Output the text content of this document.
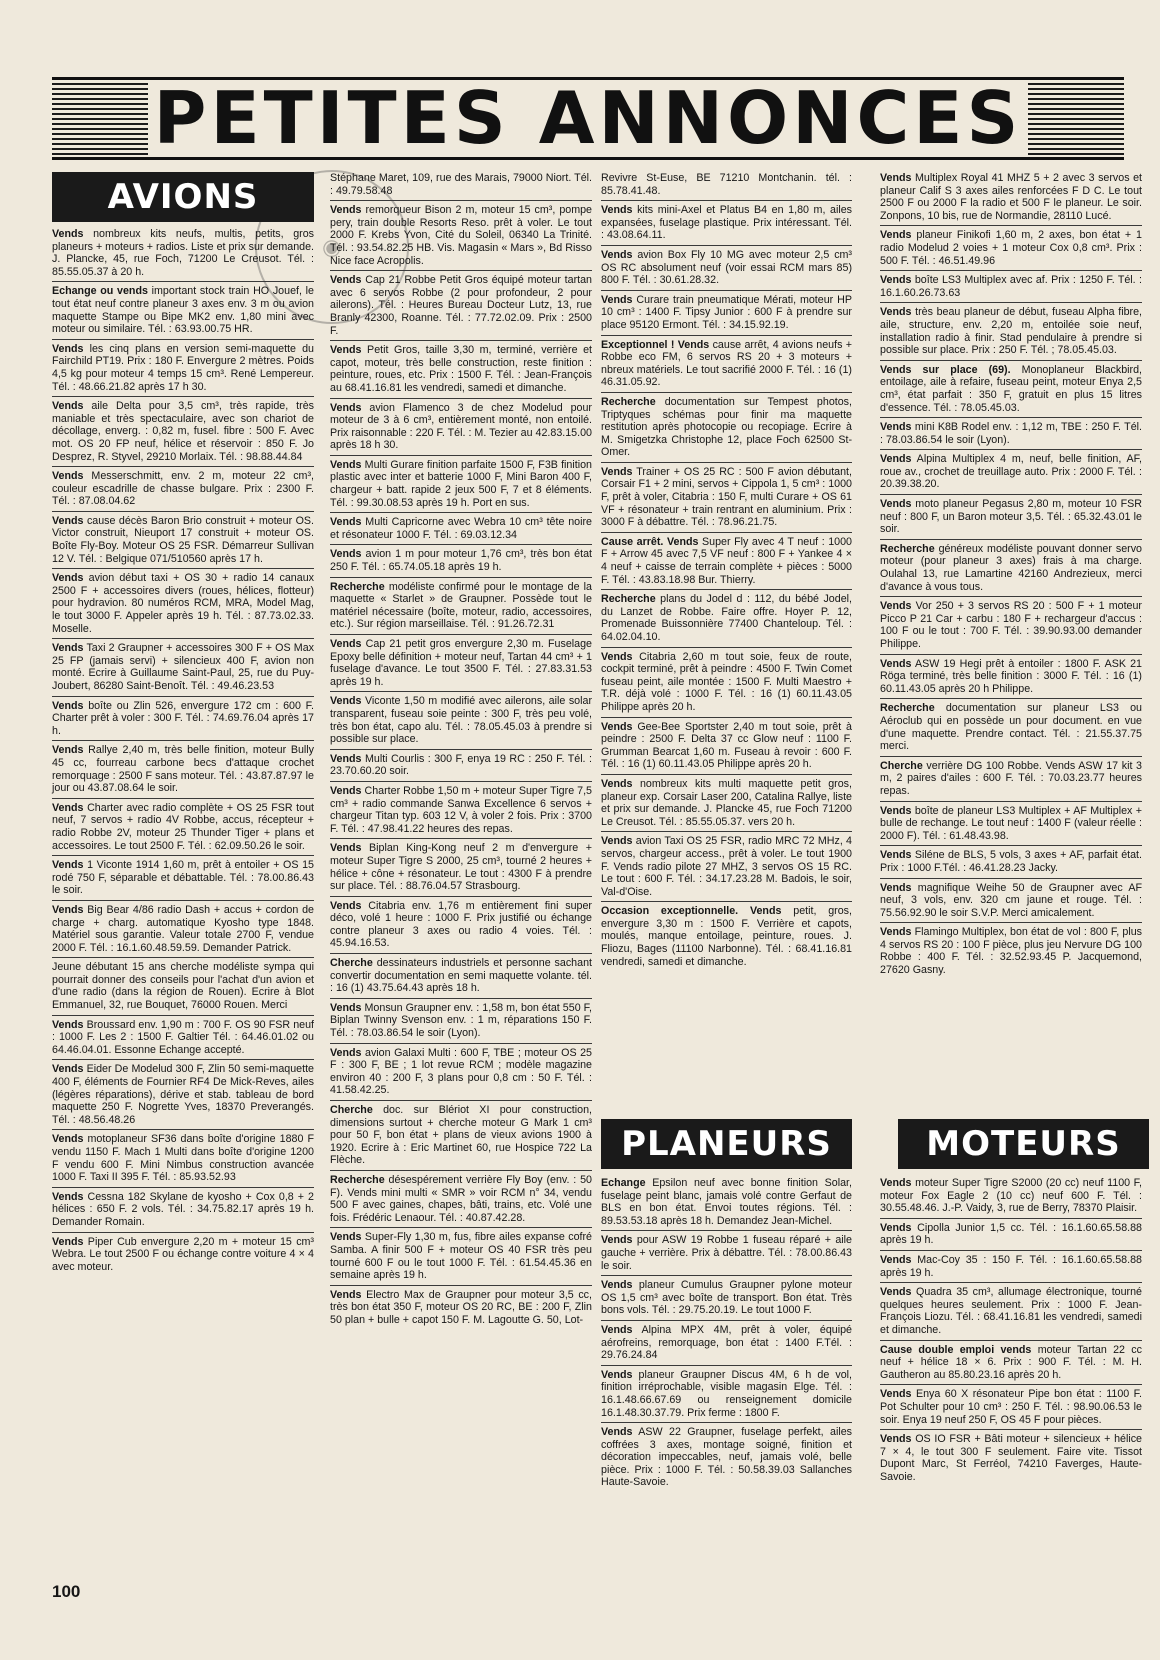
PETITES ANNONCES
◉
AVIONS

Vends nombreux kits neufs, multis, petits, gros planeurs + moteurs + radios. Liste et prix sur demande. J. Plancke, 45, rue Foch, 71200 Le Creusot. Tél. : 85.55.05.37 à 20 h.

Echange ou vends important stock train HO Jouef, le tout état neuf contre planeur 3 axes env. 3 m ou avion maquette Stampe ou Bipe MK2 env. 1,80 mini avec moteur ou similaire. Tél. : 63.93.00.75 HR.

Vends les cinq plans en version semi-maquette du Fairchild PT19. Prix : 180 F. Envergure 2 mètres. Poids 4,5 kg pour moteur 4 temps 15 cm³. René Lempereur. Tél. : 48.66.21.82 après 17 h 30.

Vends aile Delta pour 3,5 cm³, très rapide, très maniable et très spectaculaire, avec son chariot de décollage, enverg. : 0,82 m, fusel. fibre : 500 F. Avec mot. OS 20 FP neuf, hélice et réservoir : 850 F. Jo Desprez, R. Styvel, 29210 Morlaix. Tél. : 98.88.44.84

Vends Messerschmitt, env. 2 m, moteur 22 cm³, couleur escadrille de chasse bulgare. Prix : 2300 F. Tél. : 87.08.04.62

Vends cause décès Baron Brio construit + moteur OS. Victor construit, Nieuport 17 construit + moteur OS. Boîte Fly-Boy. Moteur OS 25 FSR. Démarreur Sullivan 12 V. Tél. : Belgique 071/510560 après 17 h.

Vends avion début taxi + OS 30 + radio 14 canaux 2500 F + accessoires divers (roues, hélices, flotteur) pour hydravion. 80 numéros RCM, MRA, Model Mag, le tout 3000 F. Appeler après 19 h. Tél. : 87.73.02.33. Moselle.

Vends Taxi 2 Graupner + accessoires 300 F + OS Max 25 FP (jamais servi) + silencieux 400 F, avion non monté. Ecrire à Guillaume Saint-Paul, 25, rue du Puy-Joubert, 86280 Saint-Benoît. Tél. : 49.46.23.53

Vends boîte ou Zlin 526, envergure 172 cm : 600 F. Charter prêt à voler : 300 F. Tél. : 74.69.76.04 après 17 h.

Vends Rallye 2,40 m, très belle finition, moteur Bully 45 cc, fourreau carbone becs d'attaque crochet remorquage : 2500 F sans moteur. Tél. : 43.87.87.97 le jour ou 43.87.08.64 le soir.

Vends Charter avec radio complète + OS 25 FSR tout neuf, 7 servos + radio 4V Robbe, accus, récepteur + radio Robbe 2V, moteur 25 Thunder Tiger + plans et accessoires. Le tout 2500 F. Tél. : 62.09.50.26 le soir.

Vends 1 Viconte 1914 1,60 m, prêt à entoiler + OS 15 rodé 750 F, séparable et débattable. Tél. : 78.00.86.43 le soir.

Vends Big Bear 4/86 radio Dash + accus + cordon de charge + charg. automatique Kyosho type 1848. Matériel sous garantie. Valeur totale 2700 F, vendue 2000 F. Tél. : 16.1.60.48.59.59. Demander Patrick.

Jeune débutant 15 ans cherche modéliste sympa qui pourrait donner des conseils pour l'achat d'un avion et d'une radio (dans la région de Rouen). Ecrire à Blot Emmanuel, 32, rue Bouquet, 76000 Rouen. Merci

Vends Broussard env. 1,90 m : 700 F. OS 90 FSR neuf : 1000 F. Les 2 : 1500 F. Galtier Tél. : 64.46.01.02 ou 64.46.04.01. Essonne Echange accepté.

Vends Eider De Modelud 300 F, Zlin 50 semi-maquette 400 F, éléments de Fournier RF4 De Mick-Reves, ailes (légères réparations), dérive et stab. tableau de bord maquette 250 F. Nogrette Yves, 18370 Preverangés. Tél. : 48.56.48.26

Vends motoplaneur SF36 dans boîte d'origine 1880 F vendu 1150 F. Mach 1 Multi dans boîte d'origine 1200 F vendu 600 F. Mini Nimbus construction avancée 1000 F. Taxi II 395 F. Tél. : 85.93.52.93

Vends Cessna 182 Skylane de kyosho + Cox 0,8 + 2 hélices : 650 F. 2 vols. Tél. : 34.75.82.17 après 19 h. Demander Romain.

Vends Piper Cub envergure 2,20 m + moteur 15 cm³ Webra. Le tout 2500 F ou échange contre voiture 4 × 4 avec moteur.

Stéphane Maret, 109, rue des Marais, 79000 Niort. Tél. : 49.79.58.48

Vends remorqueur Bison 2 m, moteur 15 cm³, pompe pery, train double Resorts Reso. prêt à voler. Le tout 2000 F. Krebs Yvon, Cité du Soleil, 06340 La Trinité. Tél. : 93.54.82.25 HB. Vis. Magasin « Mars », Bd Risso Nice face Acropolis.

Vends Cap 21 Robbe Petit Gros équipé moteur tartan avec 6 servos Robbe (2 pour profondeur, 2 pour ailerons). Tél. : Heures Bureau Docteur Lutz, 13, rue Branly 42300, Roanne. Tél. : 77.72.02.09. Prix : 2500 F.

Vends Petit Gros, taille 3,30 m, terminé, verrière et capot, moteur, très belle construction, reste finition : peinture, roues, etc. Prix : 1500 F. Tél. : Jean-François au 68.41.16.81 les vendredi, samedi et dimanche.

Vends avion Flamenco 3 de chez Modelud pour moteur de 3 à 6 cm³, entièrement monté, non entoilé. Prix raisonnable : 220 F. Tél. : M. Tezier au 42.83.15.00 après 18 h 30.

Vends Multi Gurare finition parfaite 1500 F, F3B finition plastic avec inter et batterie 1000 F, Mini Baron 400 F, chargeur + batt. rapide 2 jeux 500 F, 7 et 8 éléments. Tél. : 99.30.08.53 après 19 h. Port en sus.

Vends Multi Capricorne avec Webra 10 cm³ tête noire et résonateur 1000 F. Tél. : 69.03.12.34

Vends avion 1 m pour moteur 1,76 cm³, très bon état 250 F. Tél. : 65.74.05.18 après 19 h.

Recherche modéliste confirmé pour le montage de la maquette « Starlet » de Graupner. Possède tout le matériel nécessaire (boîte, moteur, radio, accessoires, etc.). Sur région marseillaise. Tél. : 91.26.72.31

Vends Cap 21 petit gros envergure 2,30 m. Fuselage Epoxy belle définition + moteur neuf, Tartan 44 cm³ + 1 fuselage d'avance. Le tout 3500 F. Tél. : 27.83.31.53 après 19 h.

Vends Viconte 1,50 m modifié avec ailerons, aile solar transparent, fuseau soie peinte : 300 F, très peu volé, très bon état, capo alu. Tél. : 78.05.45.03 à prendre si possible sur place.

Vends Multi Courlis : 300 F, enya 19 RC : 250 F. Tél. : 23.70.60.20 soir.

Vends Charter Robbe 1,50 m + moteur Super Tigre 7,5 cm³ + radio commande Sanwa Excellence 6 servos + chargeur Titan typ. 603 12 V, à voler 2 fois. Prix : 3700 F. Tél. : 47.98.41.22 heures des repas.

Vends Biplan King-Kong neuf 2 m d'envergure + moteur Super Tigre S 2000, 25 cm³, tourné 2 heures + hélice + cône + résonateur. Le tout : 4300 F à prendre sur place. Tél. : 88.76.04.57 Strasbourg.

Vends Citabria env. 1,76 m entièrement fini super déco, volé 1 heure : 1000 F. Prix justifié ou échange contre planeur 3 axes ou radio 4 voies. Tél. : 45.94.16.53.

Cherche dessinateurs industriels et personne sachant convertir documentation en semi maquette volante. tél. : 16 (1) 43.75.64.43 après 18 h.

Vends Monsun Graupner env. : 1,58 m, bon état 550 F, Biplan Twinny Svenson env. : 1 m, réparations 150 F. Tél. : 78.03.86.54 le soir (Lyon).

Vends avion Galaxi Multi : 600 F, TBE ; moteur OS 25 F : 300 F, BE ; 1 lot revue RCM ; modèle magazine environ 40 : 200 F, 3 plans pour 0,8 cm : 50 F. Tél. : 41.58.42.25.

Cherche doc. sur Blériot XI pour construction, dimensions surtout + cherche moteur G Mark 1 cm³ pour 50 F, bon état + plans de vieux avions 1900 à 1920. Ecrire à : Eric Martinet 60, rue Hospice 722 La Flèche.

Recherche désespérement verrière Fly Boy (env. : 50 F). Vends mini multi « SMR » voir RCM n° 34, vendu 500 F avec gaines, chapes, bâti, trains, etc. Volé une fois. Frédéric Lenaour. Tél. : 40.87.42.28.

Vends Super-Fly 1,30 m, fus, fibre ailes expanse cofré Samba. A finir 500 F + moteur OS 40 FSR très peu tourné 600 F ou le tout 1000 F. Tél. : 61.54.45.36 en semaine après 19 h.

Vends Electro Max de Graupner pour moteur 3,5 cc, très bon état 350 F, moteur OS 20 RC, BE : 200 F, Zlin 50 plan + bulle + capot 150 F. M. Lagoutte G. 50, Lot-

Revivre St-Euse, BE 71210 Montchanin. tél. : 85.78.41.48.

Vends kits mini-Axel et Platus B4 en 1,80 m, ailes expansées, fuselage plastique. Prix intéressant. Tél. : 43.08.64.11.

Vends avion Box Fly 10 MG avec moteur 2,5 cm³ OS RC absolument neuf (voir essai RCM mars 85) 800 F. Tél. : 30.61.28.32.

Vends Curare train pneumatique Mérati, moteur HP 10 cm³ : 1400 F. Tipsy Junior : 600 F à prendre sur place 95120 Ermont. Tél. : 34.15.92.19.

Exceptionnel ! Vends cause arrêt, 4 avions neufs + Robbe eco FM, 6 servos RS 20 + 3 moteurs + nbreux matériels. Le tout sacrifié 2000 F. Tél. : 16 (1) 46.31.05.92.

Recherche documentation sur Tempest photos, Triptyques schémas pour finir ma maquette restitution après photocopie ou recopiage. Ecrire à M. Smigetzka Christophe 12, place Foch 62500 St-Omer.

Vends Trainer + OS 25 RC : 500 F avion débutant, Corsair F1 + 2 mini, servos + Cippola 1, 5 cm³ : 1000 F, prêt à voler, Citabria : 150 F, multi Curare + OS 61 VF + résonateur + train rentrant en aluminium. Prix : 3000 F à débattre. Tél. : 78.96.21.75.

Cause arrêt. Vends Super Fly avec 4 T neuf : 1000 F + Arrow 45 avec 7,5 VF neuf : 800 F + Yankee 4 × 4 neuf + caisse de terrain complète + pièces : 5000 F. Tél. : 43.83.18.98 Bur. Thierry.

Recherche plans du Jodel d : 112, du bébé Jodel, du Lanzet de Robbe. Faire offre. Hoyer P. 12, Promenade Buissonnière 77400 Chanteloup. Tél. : 64.02.04.10.

Vends Citabria 2,60 m tout soie, feux de route, cockpit terminé, prêt à peindre : 4500 F. Twin Comet fuseau peint, aile montée : 1500 F. Multi Maestro + T.R. déjà volé : 1000 F. Tél. : 16 (1) 60.11.43.05 Philippe après 20 h.

Vends Gee-Bee Sportster 2,40 m tout soie, prêt à peindre : 2500 F. Delta 37 cc Glow neuf : 1100 F. Grumman Bearcat 1,60 m. Fuseau à revoir : 600 F. Tél. : 16 (1) 60.11.43.05 Philippe après 20 h.

Vends nombreux kits multi maquette petit gros, planeur exp. Corsair Laser 200, Catalina Rallye, liste et prix sur demande. J. Plancke 45, rue Foch 71200 Le Creusot. Tél. : 85.55.05.37. vers 20 h.

Vends avion Taxi OS 25 FSR, radio MRC 72 MHz, 4 servos, chargeur access., prêt à voler. Le tout 1900 F. Vends radio pilote 27 MHZ, 3 servos OS 15 RC. Le tout : 600 F. Tél. : 34.17.23.28 M. Badois, le soir, Val-d'Oise.

Occasion exceptionnelle. Vends petit, gros, envergure 3,30 m : 1500 F. Verrière et capots, moulés, manque entoilage, peinture, roues. J. Fliozu, Bages (11100 Narbonne). Tél. : 68.41.16.81 vendredi, samedi et dimanche.

Vends Multiplex Royal 41 MHZ 5 + 2 avec 3 servos et planeur Calif S 3 axes ailes renforcées F D C. Le tout 2500 F ou 2000 F la radio et 500 F le planeur. Le soir. Zonpons, 10 bis, rue de Normandie, 28110 Lucé.

Vends planeur Finikofi 1,60 m, 2 axes, bon état + 1 radio Modelud 2 voies + 1 moteur Cox 0,8 cm³. Prix : 500 F. Tél. : 46.51.49.96

Vends boîte LS3 Multiplex avec af. Prix : 1250 F. Tél. : 16.1.60.26.73.63

Vends très beau planeur de début, fuseau Alpha fibre, aile, structure, env. 2,20 m, entoilée soie neuf, installation radio à finir. Stad pendulaire à prendre si possible sur place. Prix : 250 F. Tél. ; 78.05.45.03.

Vends sur place (69). Monoplaneur Blackbird, entoilage, aile à refaire, fuseau peint, moteur Enya 2,5 cm³, état parfait : 350 F, gratuit en plus 15 litres d'essence. Tél. : 78.05.45.03.

Vends mini K8B Rodel env. : 1,12 m, TBE : 250 F. Tél. : 78.03.86.54 le soir (Lyon).

Vends Alpina Multiplex 4 m, neuf, belle finition, AF, roue av., crochet de treuillage auto. Prix : 2000 F. Tél. : 20.39.38.20.

Vends moto planeur Pegasus 2,80 m, moteur 10 FSR neuf : 800 F, un Baron moteur 3,5. Tél. : 65.32.43.01 le soir.

Recherche généreux modéliste pouvant donner servo moteur (pour planeur 3 axes) frais à ma charge. Oulahal 13, rue Lamartine 42160 Andrezieux, merci d'avance à vous tous.

Vends Vor 250 + 3 servos RS 20 : 500 F + 1 moteur Picco P 21 Car + carbu : 180 F + rechargeur d'accus : 100 F ou le tout : 700 F. Tél. : 39.90.93.00 demander Philippe.

Vends ASW 19 Hegi prêt à entoiler : 1800 F. ASK 21 Röga terminé, très belle finition : 3000 F. Tél. : 16 (1) 60.11.43.05 après 20 h Philippe.

Recherche documentation sur planeur LS3 ou Aéroclub qui en possède un pour document. en vue d'une maquette. Prendre contact. Tél. : 21.55.37.75 merci.

Cherche verrière DG 100 Robbe. Vends ASW 17 kit 3 m, 2 paires d'ailes : 600 F. Tél. : 70.03.23.77 heures repas.

Vends boîte de planeur LS3 Multiplex + AF Multiplex + bulle de rechange. Le tout neuf : 1400 F (valeur réelle : 2000 F). Tél. : 61.48.43.98.

Vends Siléne de BLS, 5 vols, 3 axes + AF, parfait état. Prix : 1000 F.Tél. : 46.41.28.23 Jacky.

Vends magnifique Weihe 50 de Graupner avec AF neuf, 3 vols, env. 320 cm jaune et rouge. Tél. : 75.56.92.90 le soir S.V.P. Merci amicalement.

Vends Flamingo Multiplex, bon état de vol : 800 F, plus 4 servos RS 20 : 100 F pièce, plus jeu Nervure DG 100 Robbe : 400 F. Tél. : 32.52.93.45 P. Jacquemond, 27620 Gasny.

PLANEURS

Echange Epsilon neuf avec bonne finition Solar, fuselage peint blanc, jamais volé contre Gerfaut de BLS en bon état. Envoi toutes régions. Tél. : 89.53.53.18 après 18 h. Demandez Jean-Michel.

Vends pour ASW 19 Robbe 1 fuseau réparé + aile gauche + verrière. Prix à débattre. Tél. : 78.00.86.43 le soir.

Vends planeur Cumulus Graupner pylone moteur OS 1,5 cm³ avec boîte de transport. Bon état. Très bons vols. Tél. : 29.75.20.19. Le tout 1000 F.

Vends Alpina MPX 4M, prêt à voler, équipé aérofreins, remorquage, bon état : 1400 F.Tél. : 29.76.24.84

Vends planeur Graupner Discus 4M, 6 h de vol, finition irréprochable, visible magasin Elge. Tél. : 16.1.48.66.67.69 ou renseignement domicile 16.1.48.30.37.79. Prix ferme : 1800 F.

Vends ASW 22 Graupner, fuselage perfekt, ailes coffrées 3 axes, montage soigné, finition et décoration impeccables, neuf, jamais volé, belle pièce. Prix : 1000 F. Tél. : 50.58.39.03 Sallanches Haute-Savoie.

MOTEURS

Vends moteur Super Tigre S2000 (20 cc) neuf 1100 F, moteur Fox Eagle 2 (10 cc) neuf 600 F. Tél. : 30.55.48.46. J.-P. Vaidy, 3, rue de Berry, 78370 Plaisir.

Vends Cipolla Junior 1,5 cc. Tél. : 16.1.60.65.58.88 après 19 h.

Vends Mac-Coy 35 : 150 F. Tél. : 16.1.60.65.58.88 après 19 h.

Vends Quadra 35 cm³, allumage électronique, tourné quelques heures seulement. Prix : 1000 F. Jean-François Liozu. Tél. : 68.41.16.81 les vendredi, samedi et dimanche.

Cause double emploi vends moteur Tartan 22 cc neuf + hélice 18 × 6. Prix : 900 F. Tél. : M. H. Gautheron au 85.80.23.16 après 20 h.

Vends Enya 60 X résonateur Pipe bon état : 1100 F. Pot Schulter pour 10 cm³ : 250 F. Tél. : 98.90.06.53 le soir. Enya 19 neuf 250 F, OS 45 F pour pièces.

Vends OS IO FSR + Bâti moteur + silencieux + hélice 7 × 4, le tout 300 F seulement. Faire vite. Tissot Dupont Marc, St Ferréol, 74210 Faverges, Haute-Savoie.

100
